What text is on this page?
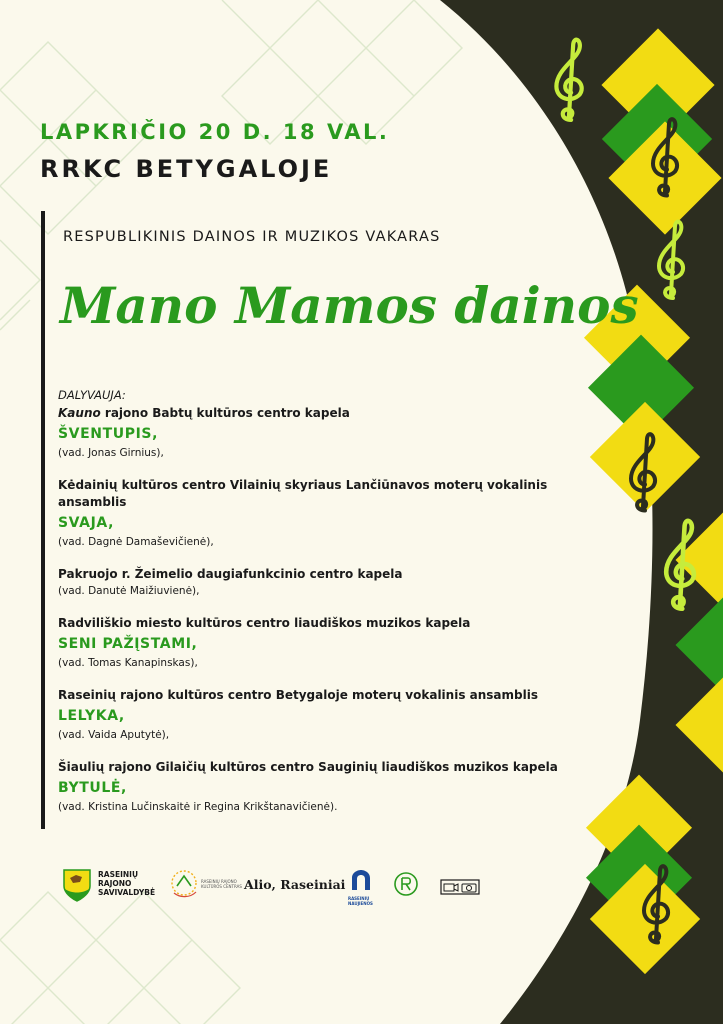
LAPKRIČIO 20 D. 18 VAL.
RRKC BETYGALOJE

RESPUBLIKINIS DAINOS IR MUZIKOS VAKARAS

Mano Mamos dainos

DALYVAUJA:

Kauno rajono Babtų kultūros centro kapela

ŠVENTUPIS,

(vad. Jonas Girnius),

Kėdainių kultūros centro Vilainių skyriaus Lančiūnavos moterų vokalinis ansamblis

SVAJA,

(vad. Dagnė Damaševičienė),

Pakruojo r. Žeimelio daugiafunkcinio centro kapela

(vad. Danutė Maižiuvienė),

Radviliškio miesto kultūros centro liaudiškos muzikos kapela

SENI PAŽĮSTAMI,

(vad. Tomas Kanapinskas),

Raseinių rajono kultūros centro Betygaloje moterų vokalinis ansamblis

LELYKA,

(vad. Vaida Aputytė),

Šiaulių rajono Gilaičių kultūros centro Sauginių liaudiškos muzikos kapela

BYTULĖ,

(vad. Kristina Lučinskaitė ir Regina Krikštanavičienė).

RASEINIŲ
RAJONO
SAVIVALDYBĖ
RASEINIŲ RAJONO
KULTŪROS CENTRAS Alio, Raseiniai
RASEINIŲ
NAUJIENOS
